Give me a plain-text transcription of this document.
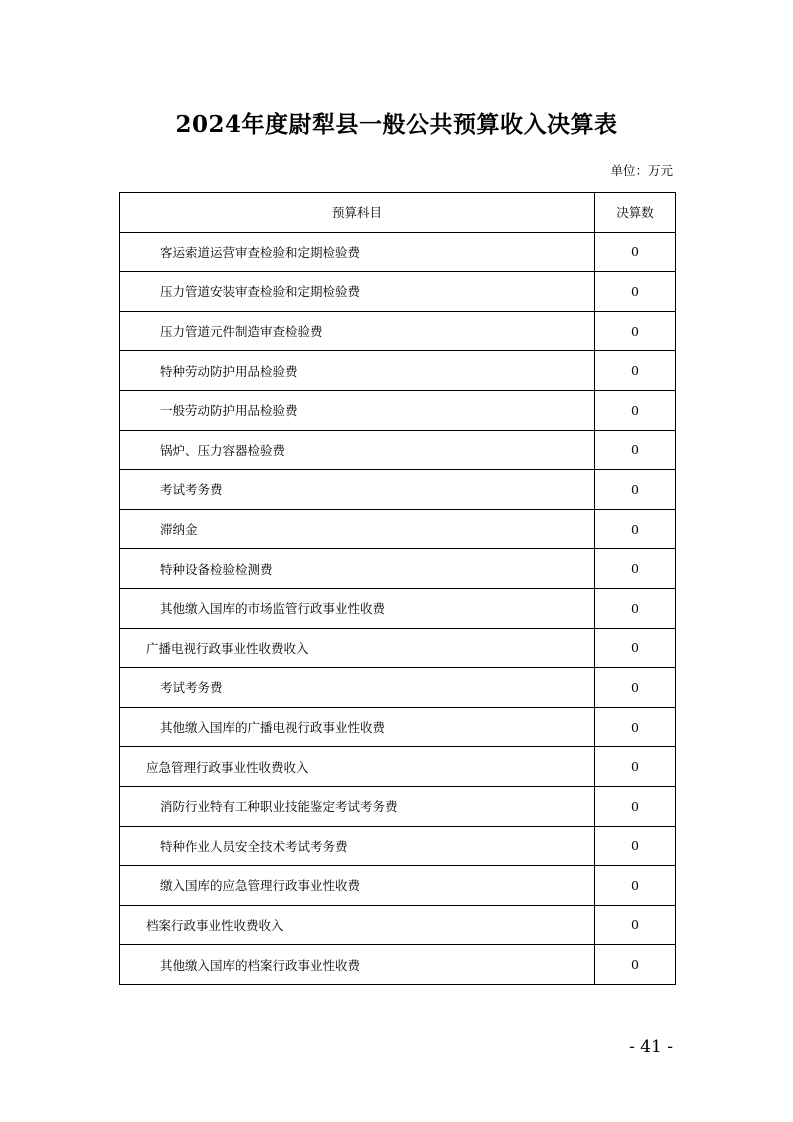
2024年度尉犁县一般公共预算收入决算表
单位：万元
预算科目	决算数
客运索道运营审查检验和定期检验费	0
压力管道安装审查检验和定期检验费	0
压力管道元件制造审查检验费	0
特种劳动防护用品检验费	0
一般劳动防护用品检验费	0
锅炉、压力容器检验费	0
考试考务费	0
滞纳金	0
特种设备检验检测费	0
其他缴入国库的市场监管行政事业性收费	0
广播电视行政事业性收费收入	0
考试考务费	0
其他缴入国库的广播电视行政事业性收费	0
应急管理行政事业性收费收入	0
消防行业特有工种职业技能鉴定考试考务费	0
特种作业人员安全技术考试考务费	0
缴入国库的应急管理行政事业性收费	0
档案行政事业性收费收入	0
其他缴入国库的档案行政事业性收费	0
- 41 -
